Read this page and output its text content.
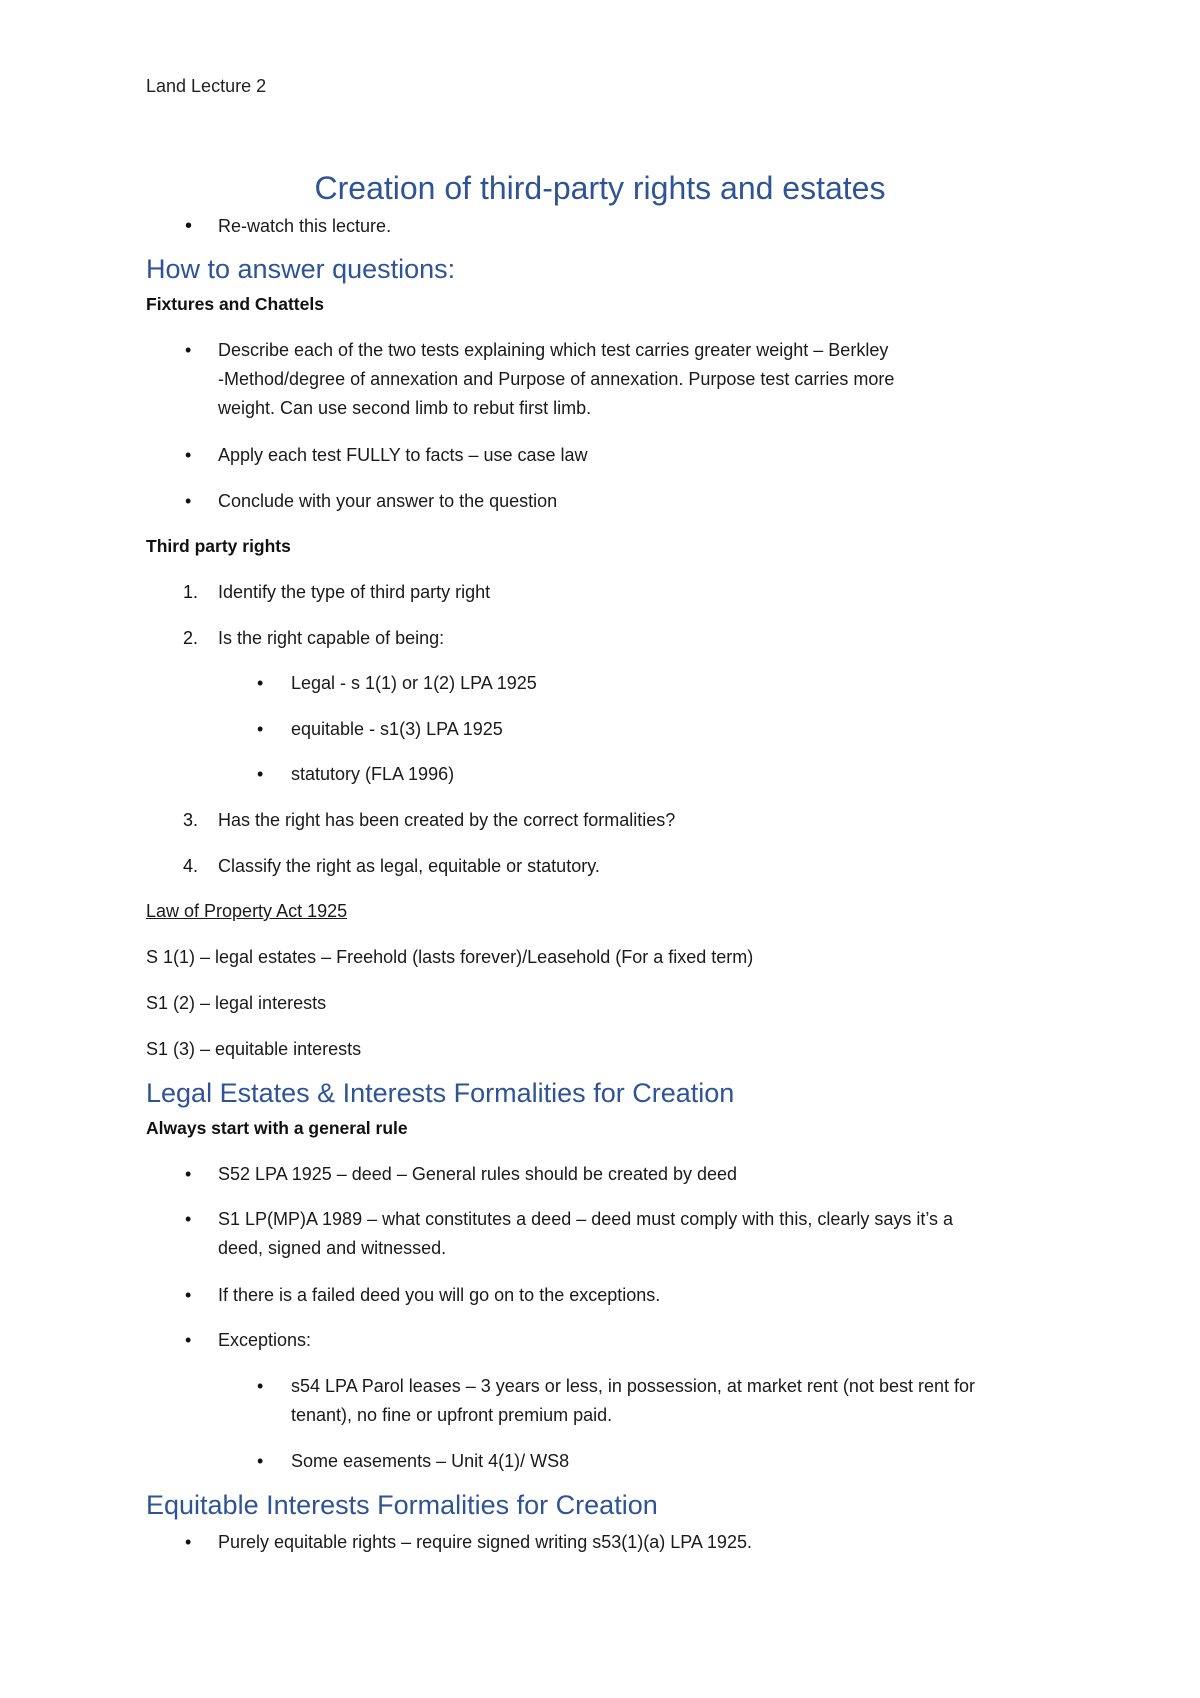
Land Lecture 2
Creation of third-party rights and estates
• Re-watch this lecture.
How to answer questions:
Fixtures and Chattels
• Describe each of the two tests explaining which test carries greater weight – Berkley
-Method/degree of annexation and Purpose of annexation. Purpose test carries more
weight. Can use second limb to rebut first limb.
• Apply each test FULLY to facts – use case law
• Conclude with your answer to the question
Third party rights
1. Identify the type of third party right
2. Is the right capable of being:
• Legal - s 1(1) or 1(2) LPA 1925
• equitable - s1(3) LPA 1925
• statutory (FLA 1996)
3. Has the right has been created by the correct formalities?
4. Classify the right as legal, equitable or statutory.
Law of Property Act 1925
S 1(1) – legal estates – Freehold (lasts forever)/Leasehold (For a fixed term)
S1 (2) – legal interests
S1 (3) – equitable interests
Legal Estates & Interests Formalities for Creation
Always start with a general rule
• S52 LPA 1925 – deed – General rules should be created by deed
• S1 LP(MP)A 1989 – what constitutes a deed – deed must comply with this, clearly says it’s a
deed, signed and witnessed.
• If there is a failed deed you will go on to the exceptions.
• Exceptions:
• s54 LPA Parol leases – 3 years or less, in possession, at market rent (not best rent for
tenant), no fine or upfront premium paid.
• Some easements – Unit 4(1)/ WS8
Equitable Interests Formalities for Creation
• Purely equitable rights – require signed writing s53(1)(a) LPA 1925.
